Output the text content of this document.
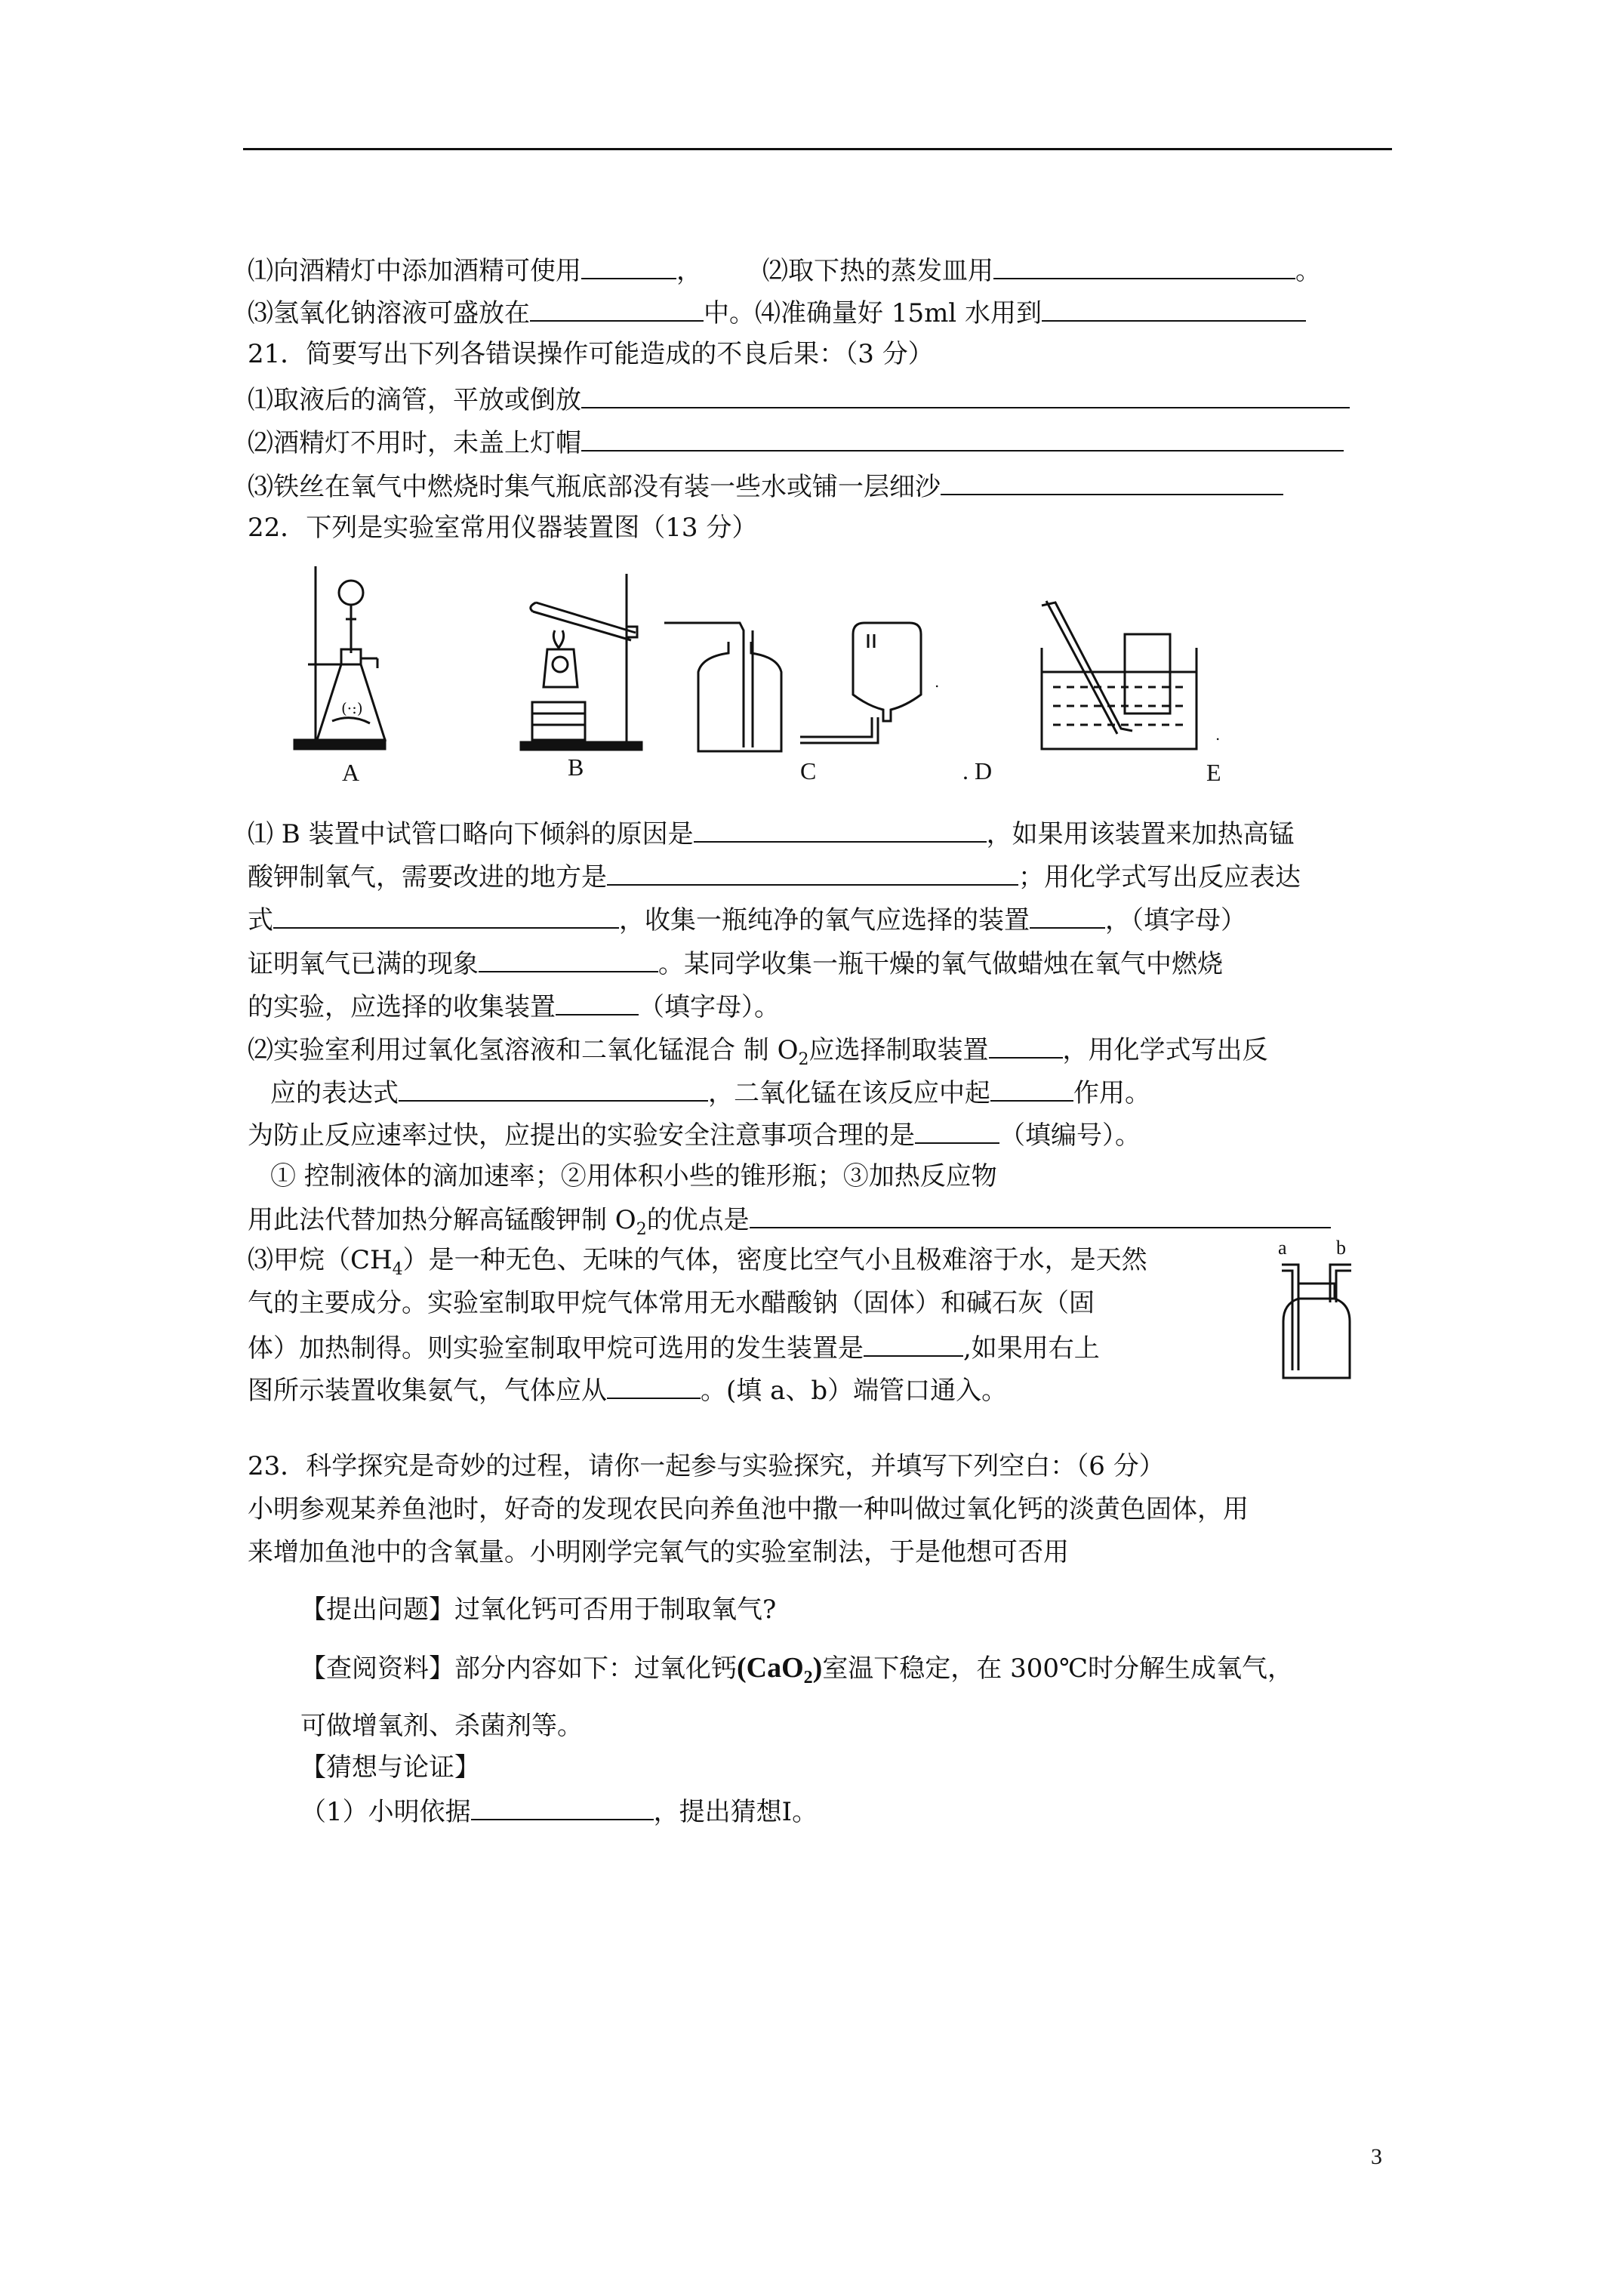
⑴向酒精灯中添加酒精可使用	， ⑵取下热的蒸发皿用	。
⑶氢氧化钠溶液可盛放在	中。⑷准确量好 15ml 水用到
21．简要写出下列各错误操作可能造成的不良后果：（3 分）
⑴取液后的滴管，平放或倒放
⑵酒精灯不用时，未盖上灯帽
⑶铁丝在氧气中燃烧时集气瓶底部没有装一些水或铺一层细沙
22．下列是实验室常用仪器装置图（13 分）
(·:)
.
.
A	B	C	. D	E
⑴ B 装置中试管口略向下倾斜的原因是	，如果用该装置来加热高锰
酸钾制氧气，需要改进的地方是	；用化学式写出反应表达
式	，收集一瓶纯净的氧气应选择的装置	，（填字母）
证明氧气已满的现象	。某同学收集一瓶干燥的氧气做蜡烛在氧气中燃烧
的实验，应选择的收集装置	（填字母）。
⑵实验室利用过氧化氢溶液和二氧化锰混合 制 $O_2$应选择制取装置	，用化学式写出反
应的表达式	，二氧化锰在该反应中起	作用。
为防止反应速率过快，应提出的实验安全注意事项合理的是	（填编号）。
① 控制液体的滴加速率；②用体积小些的锥形瓶；③加热反应物
用此法代替加热分解高锰酸钾制 $O_2$的优点是
⑶甲烷$(CH_4)$是一种无色、无味的气体，密度比空气小且极难溶于水，是天然
气的主要成分。实验室制取甲烷气体常用无水醋酸钠（固体）和碱石灰（固
体）加热制得。则实验室制取甲烷可选用的发生装置是	,如果用右上
图所示装置收集氨气，气体应从	。(填 a、b）端管口通入。
a	b
23．科学探究是奇妙的过程，请你一起参与实验探究，并填写下列空白：（6 分）
小明参观某养鱼池时，好奇的发现农民向养鱼池中撒一种叫做过氧化钙的淡黄色固体，用
来增加鱼池中的含氧量。小明刚学完氧气的实验室制法，于是他想可否用
【提出问题】过氧化钙可否用于制取氧气?
【查阅资料】部分内容如下：过氧化钙(CaO$_2$)室温下稳定，在 300℃时分解生成氧气，
可做增氧剂、杀菌剂等。
【猜想与论证】
（1）小明依据	，提出猜想Ⅰ。
3
